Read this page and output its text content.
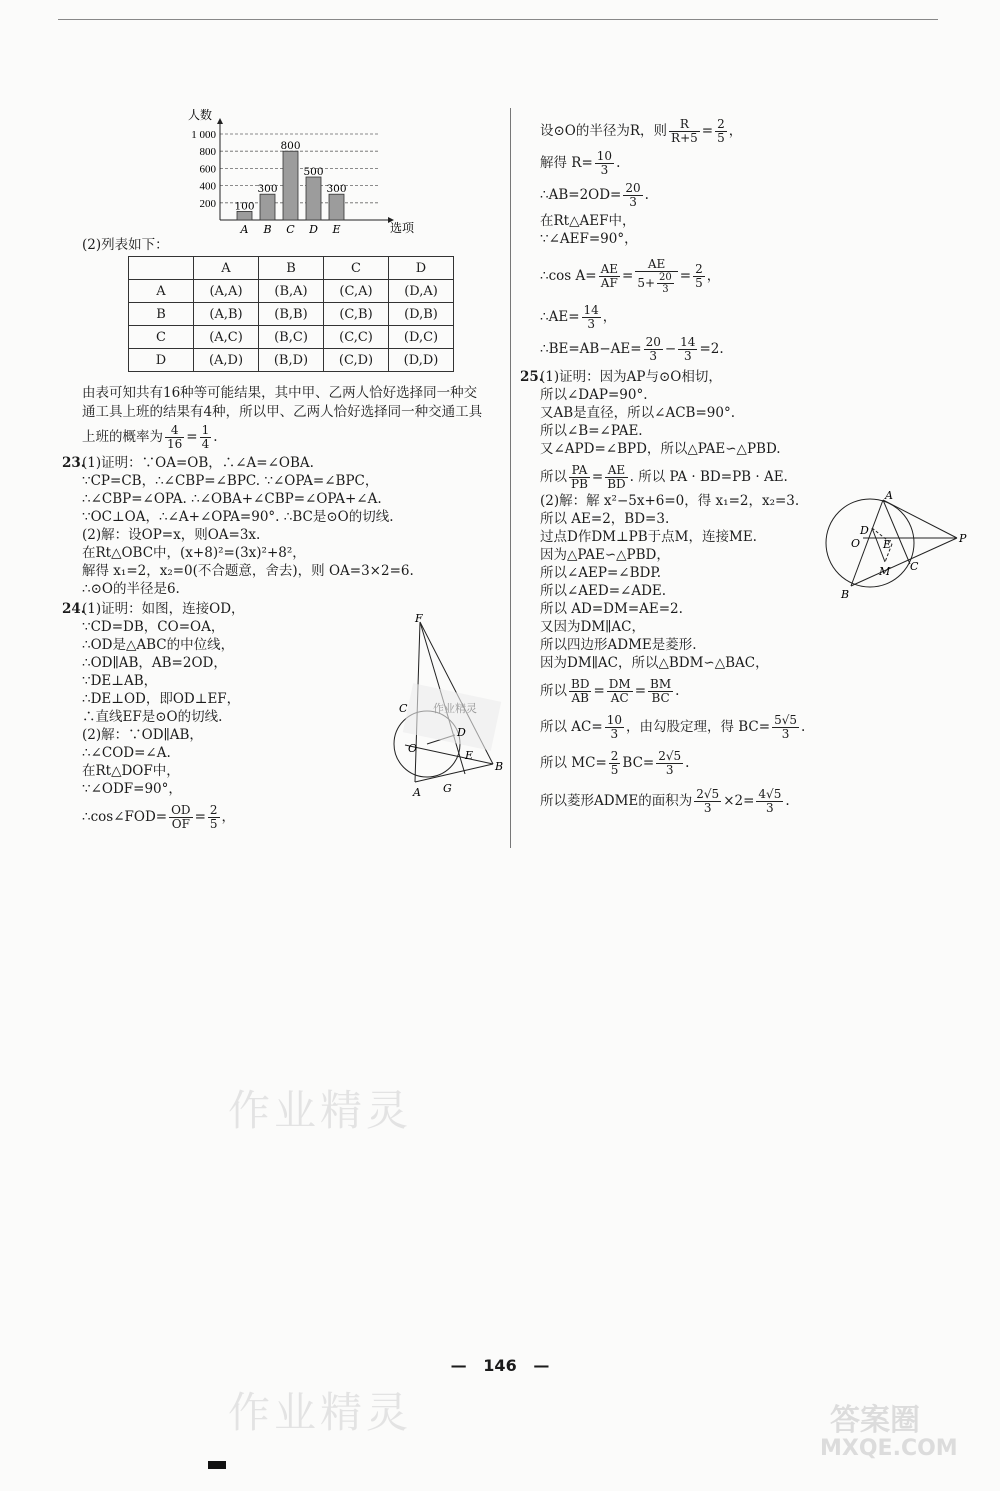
1 000
800
600
400
200
人数
选项
100
A
300
B
800
C
500
D
300
E
(2)列表如下：
	A	B	C	D
A	(A,A)	(B,A)	(C,A)	(D,A)
B	(A,B)	(B,B)	(C,B)	(D,B)
C	(A,C)	(B,C)	(C,C)	(D,C)
D	(A,D)	(B,D)	(C,D)	(D,D)
由表可知共有16种等可能结果，其中甲、乙两人恰好选择同一种交
通工具上班的结果有4种，所以甲、乙两人恰好选择同一种交通工具
上班的概率为 $\frac{4}{16} = \frac{1}{4}$ .
23.
(1)证明：∵OA=OB，∴∠A=∠OBA.
∵CP=CB，∴∠CBP=∠BPC. ∵∠OPA=∠BPC，
∴∠CBP=∠OPA. ∴∠OBA+∠CBP=∠OPA+∠A.
∵OC⊥OA，∴∠A+∠OPA=90°. ∴BC是⊙O的切线.
(2)解：设OP=x，则OA=3x.
在Rt△OBC中，(x+8)²=(3x)²+8²，
解得 x₁=2，x₂=0(不合题意，舍去)，则 OA=3×2=6.
∴⊙O的半径是6.
24.
(1)证明：如图，连接OD，
∵CD=DB，CO=OA，
∴OD是△ABC的中位线，
∴OD∥AB，AB=2OD，
∵DE⊥AB，
∴DE⊥OD，即OD⊥EF，
∴直线EF是⊙O的切线.
(2)解：∵OD∥AB，
∴∠COD=∠A.
在Rt△DOF中，
∵∠ODF=90°，
∴cos∠FOD= $\frac{OD}{OF} = \frac{2}{5}$ ，
作业精灵
F
C
O
D
E
B
A G
设⊙O的半径为R，则 $\frac{R}{R+5} = \frac{2}{5}$ ，
解得 $R= \frac{10}{3}$ .
∴AB=2OD= $\frac{20}{3}$ .
在Rt△AEF中，
∵∠AEF=90°，
∴cos $A= \frac{AE}{AF} = \frac{AE}{5+ \frac{20}{3}} = \frac{2}{5}$ ，
∴AE= $\frac{14}{3}$ ，
∴BE=AB−AE= $\frac{20}{3} - \frac{14}{3} =2$.
25.
(1)证明：因为AP与⊙O相切，
所以∠DAP=90°.
又AB是直径，所以∠ACB=90°.
所以∠B=∠PAE.
又∠APD=∠BPD，所以△PAE∽△PBD.
所以 $\frac{PA}{PB} = \frac{AE}{BD}$ . 所以 PA · BD=PB · AE.
(2)解：解 x²−5x+6=0，得 x₁=2，x₂=3.
所以 AE=2，BD=3.
过点D作DM⊥PB于点M，连接ME.
因为△PAE∽△PBD，
所以∠AEP=∠BDP.
所以∠AED=∠ADE.
所以 AD=DM=AE=2.
又因为DM∥AC，
所以四边形ADME是菱形.
因为DM∥AC，所以△BDM∽△BAC，
所以 $\frac{BD}{AB} = \frac{DM}{AC} = \frac{BM}{BC}$ .
所以 $AC= \frac{10}{3}$ ，由勾股定理，得 $BC= \frac{5√5}{3}$ .
所以 $MC= \frac{2}{5} BC= \frac{2√5}{3}$ .
所以菱形ADME的面积为 $\frac{2√5}{3} \times 2= \frac{4√5}{3}$ .
A
D
O E	P
M C
B
作业精灵
作业精灵	答案圈
MXQE.COM
— 146 —
